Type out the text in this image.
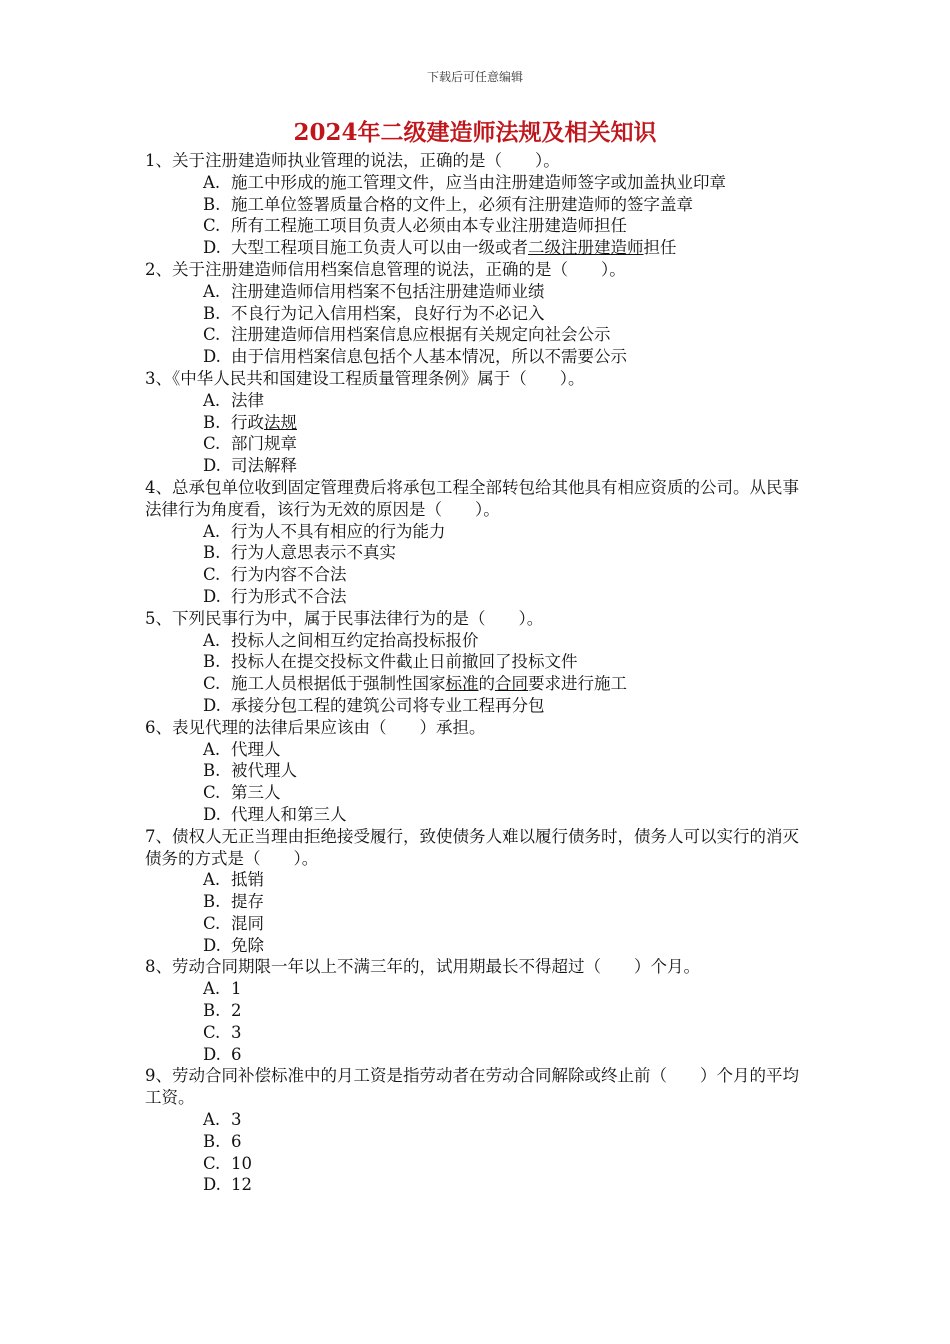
下载后可任意编辑
2024年二级建造师法规及相关知识
1、关于注册建造师执业管理的说法，正确的是（　　）。
A. 施工中形成的施工管理文件，应当由注册建造师签字或加盖执业印章
B. 施工单位签署质量合格的文件上，必须有注册建造师的签字盖章
C. 所有工程施工项目负责人必须由本专业注册建造师担任
D. 大型工程项目施工负责人可以由一级或者二级注册建造师担任
2、关于注册建造师信用档案信息管理的说法，正确的是（　　）。
A. 注册建造师信用档案不包括注册建造师业绩
B. 不良行为记入信用档案，良好行为不必记入
C. 注册建造师信用档案信息应根据有关规定向社会公示
D. 由于信用档案信息包括个人基本情况，所以不需要公示
3、《中华人民共和国建设工程质量管理条例》属于（　　）。
A. 法律
B. 行政法规
C. 部门规章
D. 司法解释
4、总承包单位收到固定管理费后将承包工程全部转包给其他具有相应资质的公司。从民事法律行为角度看，该行为无效的原因是（　　）。
A. 行为人不具有相应的行为能力
B. 行为人意思表示不真实
C. 行为内容不合法
D. 行为形式不合法
5、下列民事行为中，属于民事法律行为的是（　　）。
A. 投标人之间相互约定抬高投标报价
B. 投标人在提交投标文件截止日前撤回了投标文件
C. 施工人员根据低于强制性国家标准的合同要求进行施工
D. 承接分包工程的建筑公司将专业工程再分包
6、表见代理的法律后果应该由（　　）承担。
A. 代理人
B. 被代理人
C. 第三人
D. 代理人和第三人
7、债权人无正当理由拒绝接受履行，致使债务人难以履行债务时，债务人可以实行的消灭债务的方式是（　　）。
A. 抵销
B. 提存
C. 混同
D. 免除
8、劳动合同期限一年以上不满三年的，试用期最长不得超过（　　）个月。
A. 1
B. 2
C. 3
D. 6
9、劳动合同补偿标准中的月工资是指劳动者在劳动合同解除或终止前（　　）个月的平均工资。
A. 3
B. 6
C. 10
D. 12
